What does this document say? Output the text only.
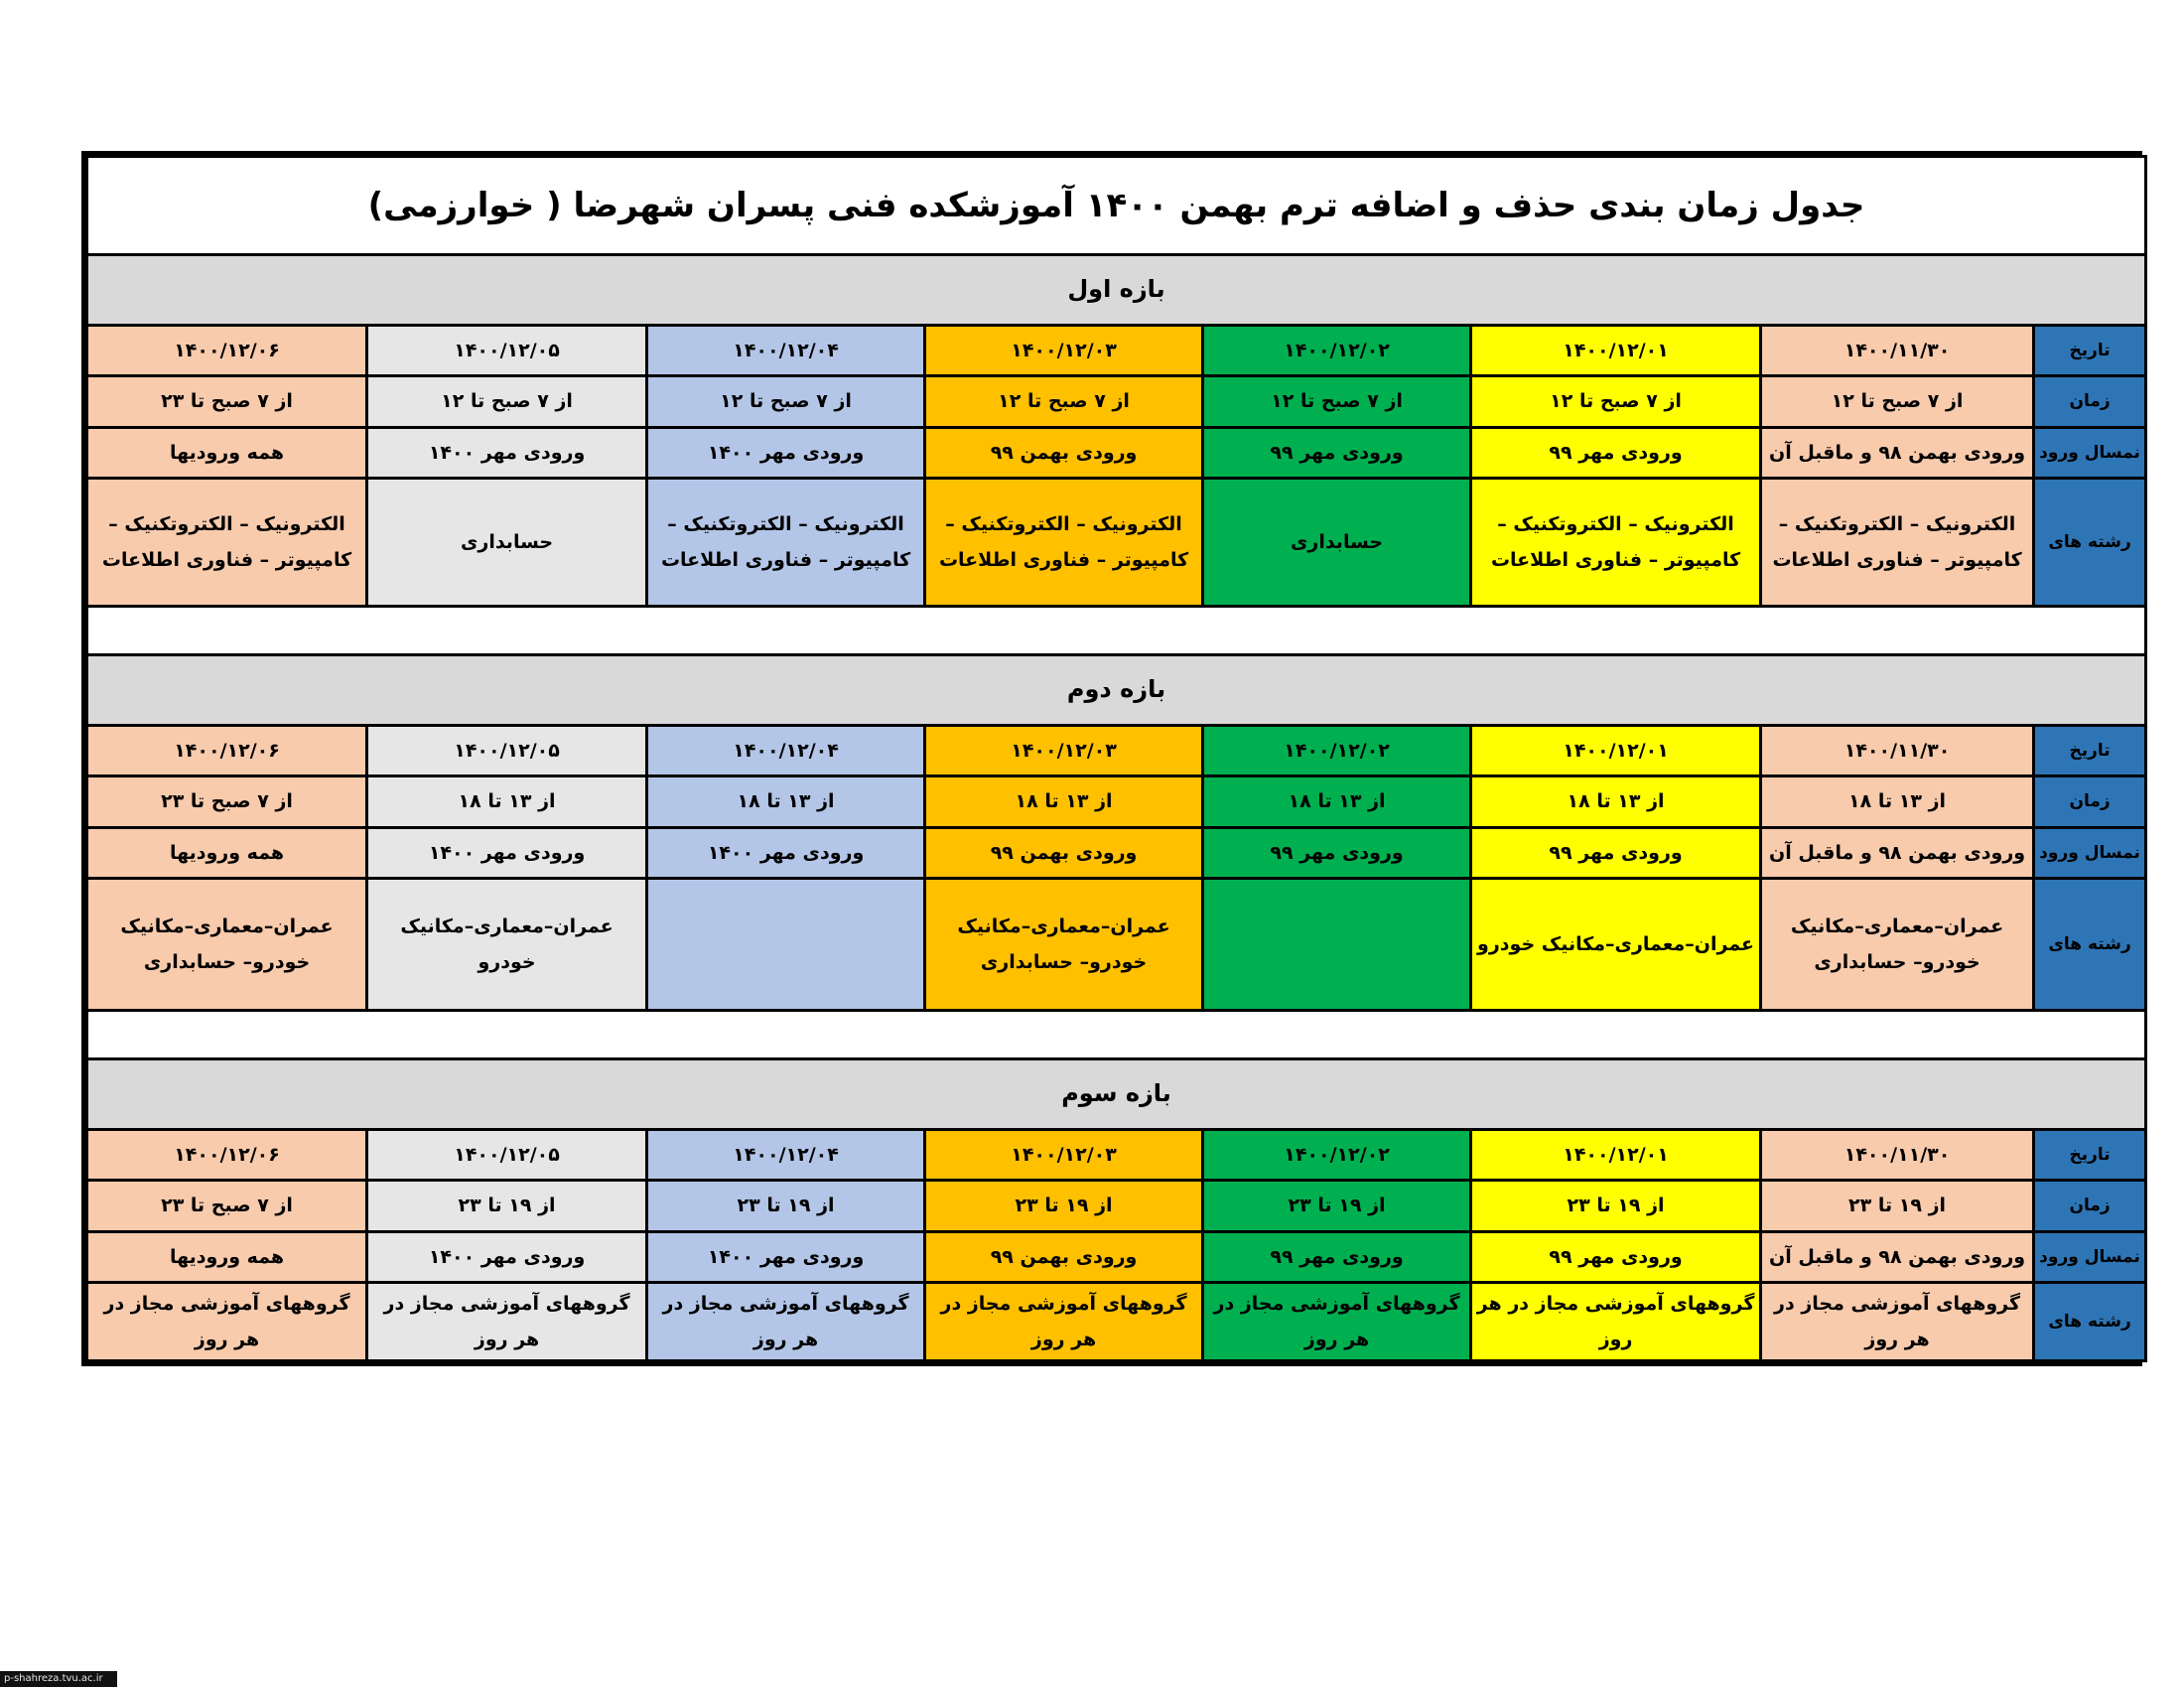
جدول زمان بندی حذف و اضافه ترم بهمن ۱۴۰۰ آموزشکده فنی پسران شهرضا ( خوارزمی)							
بازه اول							
تاریخ	۱۴۰۰/۱۱/۳۰	۱۴۰۰/۱۲/۰۱	۱۴۰۰/۱۲/۰۲	۱۴۰۰/۱۲/۰۳	۱۴۰۰/۱۲/۰۴	۱۴۰۰/۱۲/۰۵	۱۴۰۰/۱۲/۰۶
زمان	از ۷ صبح تا ۱۲	از ۷ صبح تا ۱۲	از ۷ صبح تا ۱۲	از ۷ صبح تا ۱۲	از ۷ صبح تا ۱۲	از ۷ صبح تا ۱۲	از ۷ صبح تا ۲۳
نمسال ورود	ورودی بهمن ۹۸ و ماقبل آن	ورودی مهر ۹۹	ورودی مهر ۹۹	ورودی بهمن ۹۹	ورودی مهر ۱۴۰۰	ورودی مهر ۱۴۰۰	همه ورودیها
رشته های	الکترونیک – الکتروتکنیک – کامپیوتر – فناوری اطلاعات	الکترونیک – الکتروتکنیک – کامپیوتر – فناوری اطلاعات	حسابداری	الکترونیک – الکتروتکنیک – کامپیوتر – فناوری اطلاعات	الکترونیک – الکتروتکنیک – کامپیوتر – فناوری اطلاعات	حسابداری	الکترونیک – الکتروتکنیک – کامپیوتر – فناوری اطلاعات

بازه دوم							
تاریخ	۱۴۰۰/۱۱/۳۰	۱۴۰۰/۱۲/۰۱	۱۴۰۰/۱۲/۰۲	۱۴۰۰/۱۲/۰۳	۱۴۰۰/۱۲/۰۴	۱۴۰۰/۱۲/۰۵	۱۴۰۰/۱۲/۰۶
زمان	از ۱۳ تا ۱۸	از ۱۳ تا ۱۸	از ۱۳ تا ۱۸	از ۱۳ تا ۱۸	از ۱۳ تا ۱۸	از ۱۳ تا ۱۸	از ۷ صبح تا ۲۳
نمسال ورود	ورودی بهمن ۹۸ و ماقبل آن	ورودی مهر ۹۹	ورودی مهر ۹۹	ورودی بهمن ۹۹	ورودی مهر ۱۴۰۰	ورودی مهر ۱۴۰۰	همه ورودیها
رشته های	عمران–معماری–مکانیک خودرو– حسابداری	عمران–معماری–مکانیک خودرو		عمران–معماری–مکانیک خودرو– حسابداری		عمران–معماری–مکانیک خودرو	عمران–معماری–مکانیک خودرو– حسابداری

بازه سوم							
تاریخ	۱۴۰۰/۱۱/۳۰	۱۴۰۰/۱۲/۰۱	۱۴۰۰/۱۲/۰۲	۱۴۰۰/۱۲/۰۳	۱۴۰۰/۱۲/۰۴	۱۴۰۰/۱۲/۰۵	۱۴۰۰/۱۲/۰۶
زمان	از ۱۹ تا ۲۳	از ۱۹ تا ۲۳	از ۱۹ تا ۲۳	از ۱۹ تا ۲۳	از ۱۹ تا ۲۳	از ۱۹ تا ۲۳	از ۷ صبح تا ۲۳
نمسال ورود	ورودی بهمن ۹۸ و ماقبل آن	ورودی مهر ۹۹	ورودی مهر ۹۹	ورودی بهمن ۹۹	ورودی مهر ۱۴۰۰	ورودی مهر ۱۴۰۰	همه ورودیها
رشته های	گروههای آموزشی مجاز در هر روز	گروههای آموزشی مجاز در هر روز	گروههای آموزشی مجاز در هر روز	گروههای آموزشی مجاز در هر روز	گروههای آموزشی مجاز در هر روز	گروههای آموزشی مجاز در هر روز	گروههای آموزشی مجاز در هر روز
p-shahreza.tvu.ac.ir
